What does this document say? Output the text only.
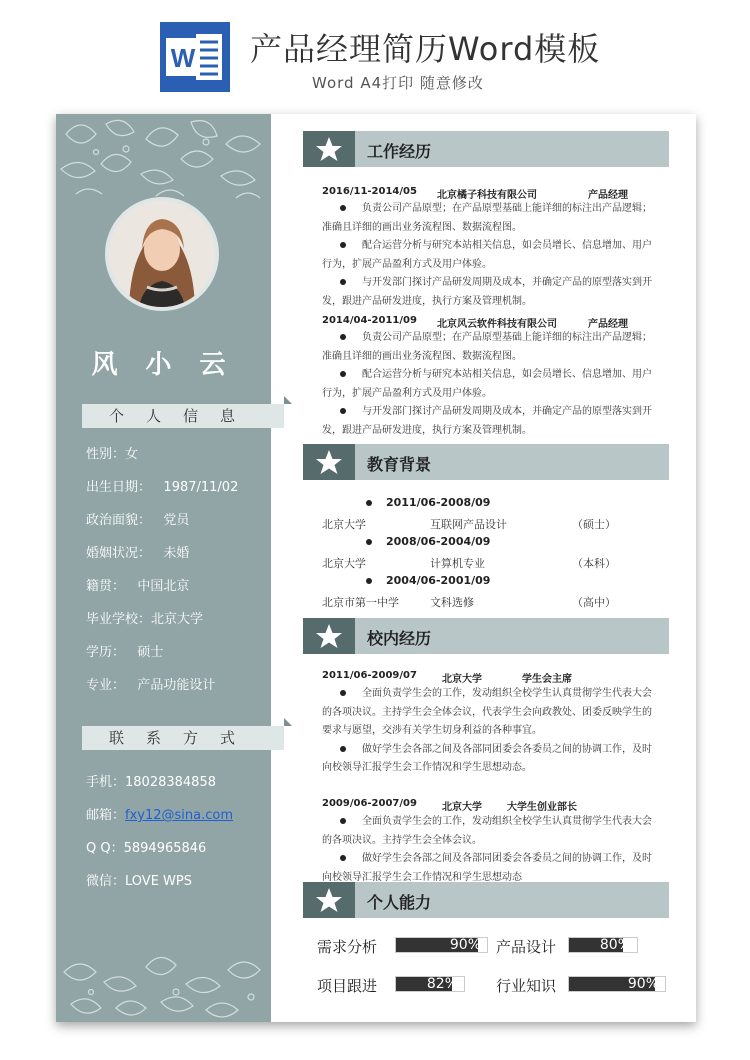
W 产品经理简历Word模板
Word A4打印 随意修改
风小云
个人信息
性别：女
出生日期： 1987/11/02
政治面貌： 党员
婚姻状况： 未婚
籍贯： 中国北京
毕业学校：北京大学
学历： 硕士
专业： 产品功能设计
联系方式
手机：18028384858
邮箱：fxy12@sina.com
Q Q：5894965846
微信：LOVE WPS
工作经历
2016/11-2014/05 北京橘子科技有限公司	产品经理
负责公司产品原型；在产品原型基础上能详细的标注出产品逻辑；准确且详细的画出业务流程图、数据流程图。
配合运营分析与研究本站相关信息，如会员增长、信息增加、用户行为，扩展产品盈利方式及用户体验。
与开发部门探讨产品研发周期及成本，并确定产品的原型落实到开发，跟进产品研发进度，执行方案及管理机制。
2014/04-2011/09 北京风云软件科技有限公司	产品经理
负责公司产品原型；在产品原型基础上能详细的标注出产品逻辑；准确且详细的画出业务流程图、数据流程图。
配合运营分析与研究本站相关信息，如会员增长、信息增加、用户行为，扩展产品盈利方式及用户体验。
与开发部门探讨产品研发周期及成本，并确定产品的原型落实到开发，跟进产品研发进度，执行方案及管理机制。
教育背景
2011/06-2008/09
北京大学	互联网产品设计	（硕士）
2008/06-2004/09
北京大学	计算机专业	（本科）
2004/06-2001/09
北京市第一中学	文科选修	（高中）
校内经历
2011/06-2009/07	北京大学	学生会主席
全面负责学生会的工作，发动组织全校学生认真贯彻学生代表大会的各项决议。主持学生会全体会议，代表学生会向政教处、团委反映学生的要求与愿望，交涉有关学生切身利益的各种事宜。
做好学生会各部之间及各部同团委会各委员之间的协调工作，及时向校领导汇报学生会工作情况和学生思想动态。
2009/06-2007/09	北京大学	大学生创业部长
全面负责学生会的工作，发动组织全校学生认真贯彻学生代表大会的各项决议。主持学生会全体会议。
做好学生会各部之间及各部同团委会各委员之间的协调工作，及时向校领导汇报学生会工作情况和学生思想动态
个人能力
需求分析	90% 产品设计	80%
项目跟进	82%	行业知识	90%
